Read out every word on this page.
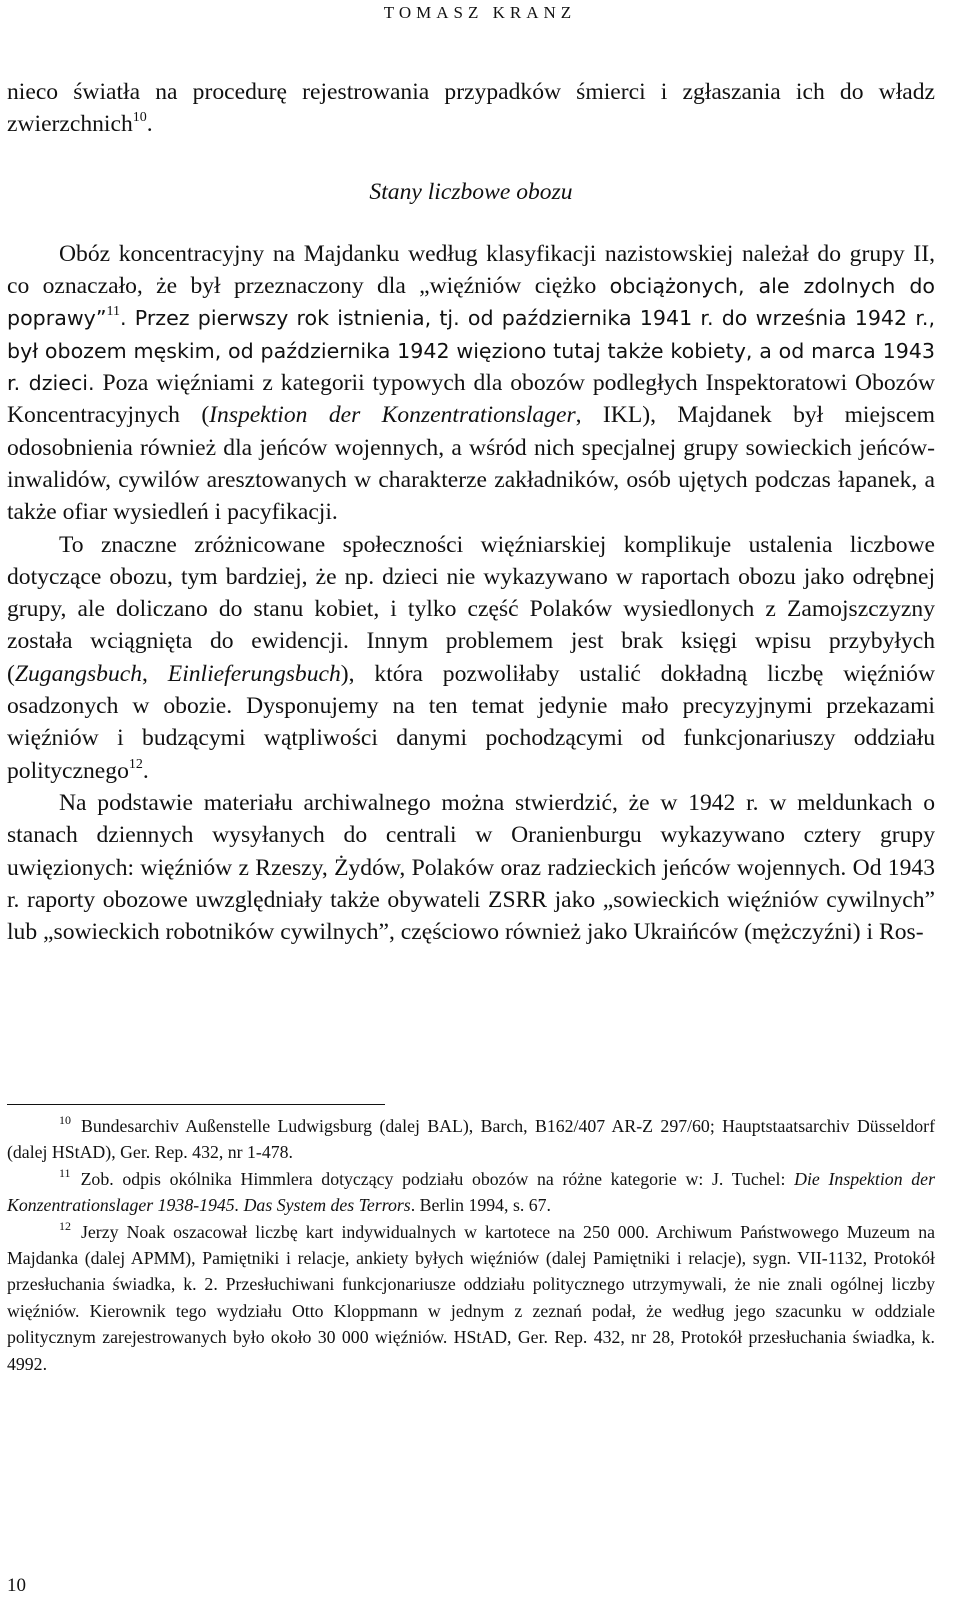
TOMASZ KRANZ

nieco światła na procedurę rejestrowania przypadków śmierci i zgłaszania ich do władz zwierzchnich$^{10}$.

Stany liczbowe obozu

Obóz koncentracyjny na Majdanku według klasyfikacji nazistowskiej należał do grupy II, co oznaczało, że był przeznaczony dla „więźniów ciężko obciążonych, ale zdolnych do poprawy”$^{11}$. Przez pierwszy rok istnienia, tj. od października 1941 r. do września 1942 r., był obozem męskim, od października 1942 więziono tutaj także kobiety, a od marca 1943 r. dzieci. Poza więźniami z kategorii typowych dla obozów podległych Inspektoratowi Obozów Koncentracyjnych (Inspektion der Konzentrationslager, IKL), Majdanek był miejscem odosobnienia również dla jeńców wojennych, a wśród nich specjalnej grupy sowieckich jeńców-inwalidów, cywilów aresztowanych w charakterze zakładników, osób ujętych podczas łapanek, a także ofiar wysiedleń i pacyfikacji.

To znaczne zróżnicowane społeczności więźniarskiej komplikuje ustalenia liczbowe dotyczące obozu, tym bardziej, że np. dzieci nie wykazywano w raportach obozu jako odrębnej grupy, ale doliczano do stanu kobiet, i tylko część Polaków wysiedlonych z Zamojszczyzny została wciągnięta do ewidencji. Innym problemem jest brak księgi wpisu przybyłych (Zugangsbuch, Einlieferungsbuch), która pozwoliłaby ustalić dokładną liczbę więźniów osadzonych w obozie. Dysponujemy na ten temat jedynie mało precyzyjnymi przekazami więźniów i budzącymi wątpliwości danymi pochodzącymi od funkcjonariuszy oddziału politycznego$^{12}$.

Na podstawie materiału archiwalnego można stwierdzić, że w 1942 r. w meldunkach o stanach dziennych wysyłanych do centrali w Oranienburgu wykazywano cztery grupy uwięzionych: więźniów z Rzeszy, Żydów, Polaków oraz radzieckich jeńców wojennych. Od 1943 r. raporty obozowe uwzględniały także obywateli ZSRR jako „sowieckich więźniów cywilnych” lub „sowieckich robotników cywilnych”, częściowo również jako Ukraińców (mężczyźni) i Ros-

$^{10}$ Bundesarchiv Außenstelle Ludwigsburg (dalej BAL), Barch, B162/407 AR-Z 297/60; Hauptstaatsarchiv Düsseldorf (dalej HStAD), Ger. Rep. 432, nr 1-478.

$^{11}$ Zob. odpis okólnika Himmlera dotyczący podziału obozów na różne kategorie w: J. Tuchel: Die Inspektion der Konzentrationslager 1938-1945. Das System des Terrors. Berlin 1994, s. 67.

$^{12}$ Jerzy Noak oszacował liczbę kart indywidualnych w kartotece na 250 000. Archiwum Państwowego Muzeum na Majdanka (dalej APMM), Pamiętniki i relacje, ankiety byłych więźniów (dalej Pamiętniki i relacje), sygn. VII-1132, Protokół przesłuchania świadka, k. 2. Przesłuchiwani funkcjonariusze oddziału politycznego utrzymywali, że nie znali ogólnej liczby więźniów. Kierownik tego wydziału Otto Kloppmann w jednym z zeznań podał, że według jego szacunku w oddziale politycznym zarejestrowanych było około 30 000 więźniów. HStAD, Ger. Rep. 432, nr 28, Protokół przesłuchania świadka, k. 4992.

10
